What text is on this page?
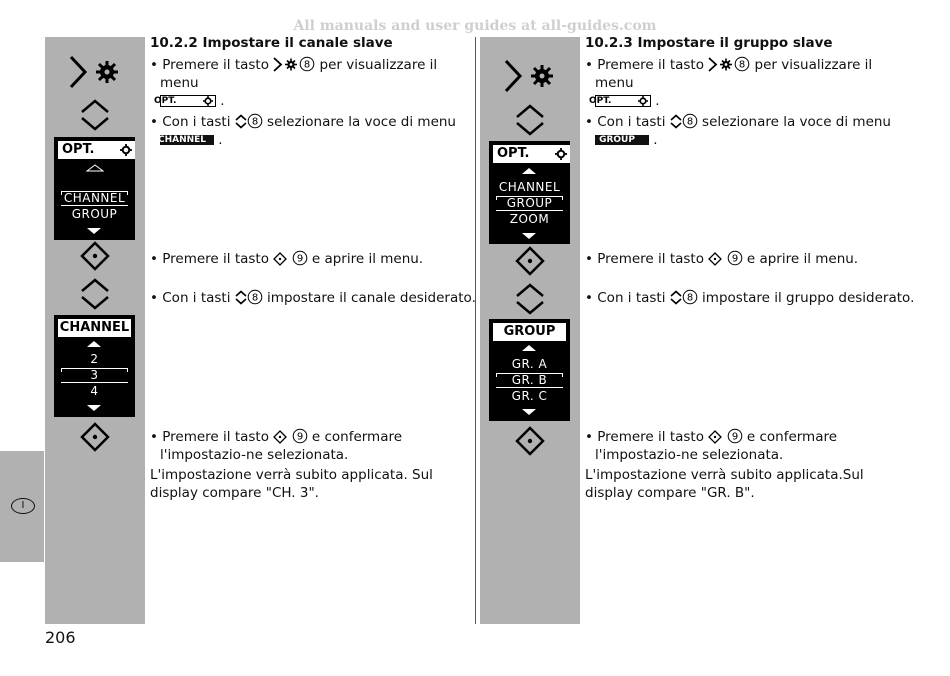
All manuals and user guides at all-guides.com
I
OPT.
CHANNEL
GROUP
CHANNEL
2
3
4
OPT.
CHANNEL
GROUP
ZOOM
GROUP
GR. A
GR. B
GR. C

10.2.2 Impostare il canale slave

• Premere il tasto	8 per visualizzare il menu
OPT.	.

• Con i tasti 8 selezionare la voce di menu
CHANNEL .

• Premere il tasto 9 e aprire il menu.

• Con i tasti 8 impostare il canale desiderato.

• Premere il tasto 9 e confermare l'impostazio-ne selezionata.

L'impostazione verrà subito applicata. Sul display compare "CH. 3".

10.2.3 Impostare il gruppo slave

• Premere il tasto	8 per visualizzare il menu
OPT.	.

• Con i tasti 8 selezionare la voce di menu
GROUP .

• Premere il tasto 9 e aprire il menu.

• Con i tasti 8 impostare il gruppo desiderato.

• Premere il tasto 9 e confermare l'impostazio-ne selezionata.

L'impostazione verrà subito applicata.Sul display compare "GR. B".

206
